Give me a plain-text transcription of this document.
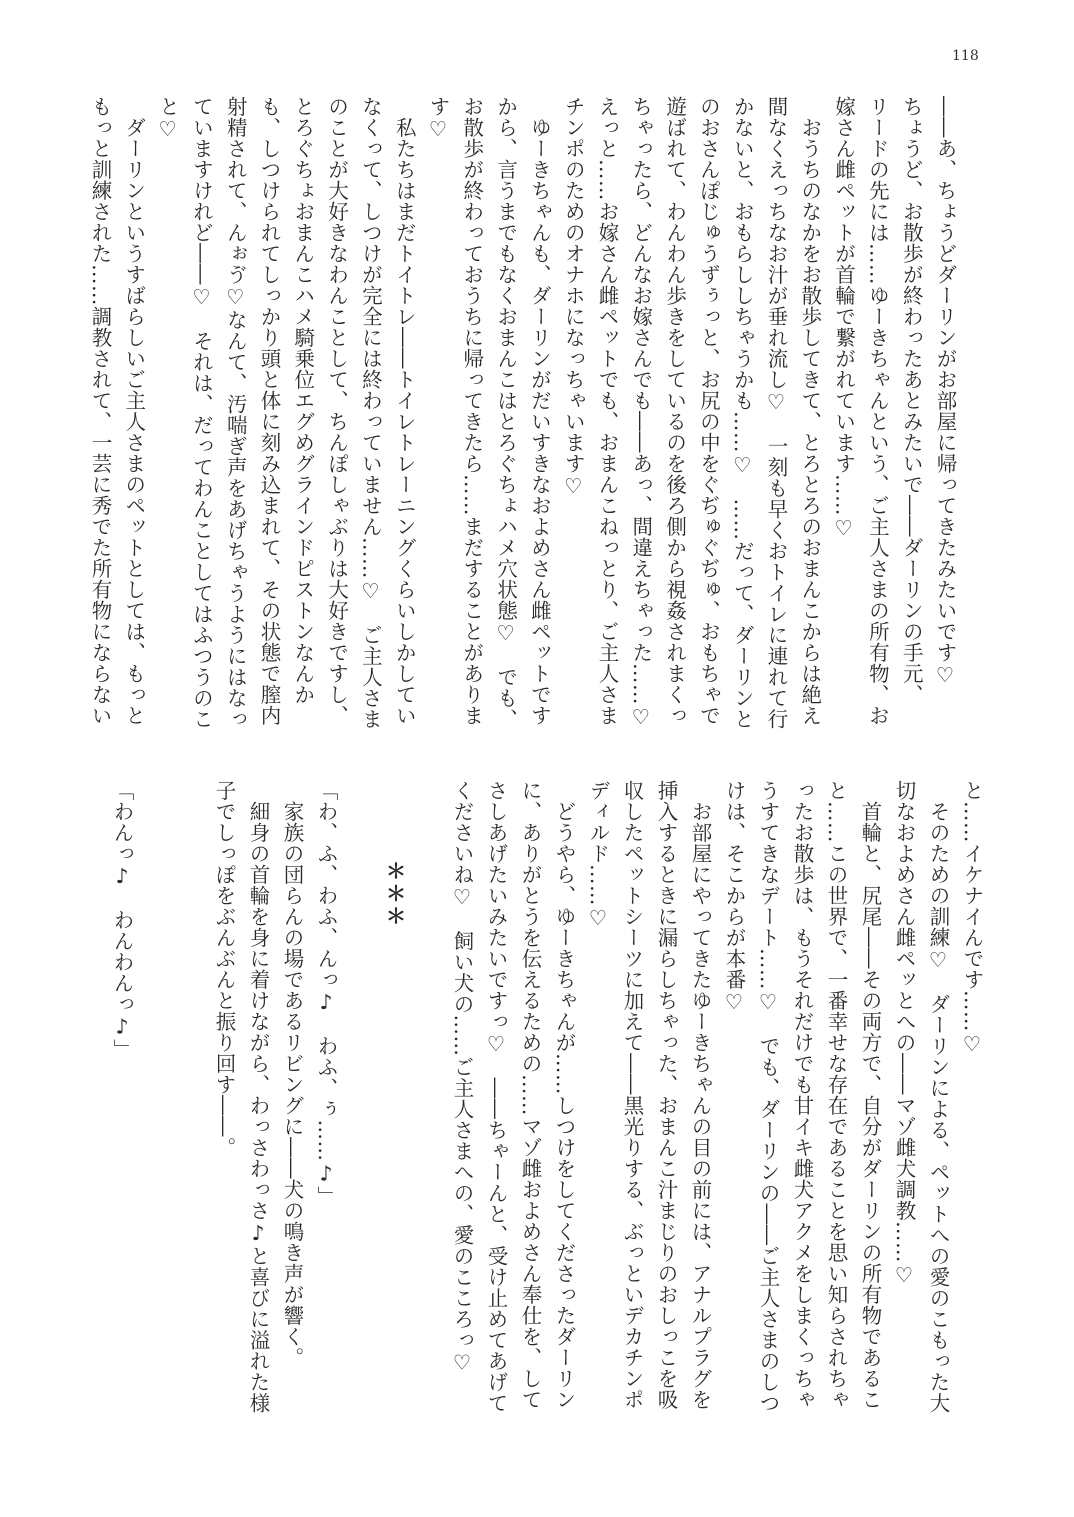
118
――あ、ちょうどダーリンがお部屋に帰ってきたみたいです♡
ちょうど、お散歩が終わったあとみたいで――ダーリンの手元、
リードの先には……ゆーきちゃんという、ご主人さまの所有物、お
嫁さん雌ペットが首輪で繋がれています……♡
　おうちのなかをお散歩してきて、とろとろのおまんこからは絶え
間なくえっちなお汁が垂れ流し♡　一刻も早くおトイレに連れて行
かないと、おもらししちゃうかも……♡　……だって、ダーリンと
のおさんぽじゅうずぅっと、お尻の中をぐぢゅぐぢゅ、おもちゃで
遊ばれて、わんわん歩きをしているのを後ろ側から視姦されまくっ
ちゃったら、どんなお嫁さんでも――あっ、間違えちゃった……♡
えっと……お嫁さん雌ペットでも、おまんこねっとり、ご主人さま
チンポのためのオナホになっちゃいます♡
　ゆーきちゃんも、ダーリンがだいすきなおよめさん雌ペットです
から、言うまでもなくおまんこはとろぐちょハメ穴状態♡　でも、
お散歩が終わっておうちに帰ってきたら……まだすることがありま
す♡
　私たちはまだトイトレ――トイレトレーニングくらいしかしてい
なくって、しつけが完全には終わっていません……♡　ご主人さま
のことが大好きなわんことして、ちんぽしゃぶりは大好きですし、
とろぐちょおまんこハメ騎乗位エグめグラインドピストンなんか
も、しつけられてしっかり頭と体に刻み込まれて、その状態で膣内
射精されて、んぉゔ♡なんて、汚喘ぎ声をあげちゃうようにはなっ
ていますけれど――♡　それは、だってわんことしてはふつうのこ
と♡
　ダーリンというすばらしいご主人さまのペットとしては、もっと
もっと訓練された……調教されて、一芸に秀でた所有物にならない
と……イケナイんです……♡
　そのための訓練♡　ダーリンによる、ペットへの愛のこもった大
切なおよめさん雌ペッとへの――マゾ雌犬調教……♡
　首輪と、尻尾――その両方で、自分がダーリンの所有物であるこ
と……この世界で、一番幸せな存在であることを思い知らされちゃ
ったお散歩は、もうそれだけでも甘イキ雌犬アクメをしまくっちゃ
うすてきなデート……♡　でも、ダーリンの――ご主人さまのしつ
けは、そこからが本番♡
　お部屋にやってきたゆーきちゃんの目の前には、アナルプラグを
挿入するときに漏らしちゃった、おまんこ汁まじりのおしっこを吸
収したペットシーツに加えて――黒光りする、ぶっといデカチンポ
ディルド……♡
　どうやら、ゆーきちゃんが……しつけをしてくださったダーリン
に、ありがとうを伝えるための……マゾ雌およめさん奉仕を、して
さしあげたいみたいですっ♡　――ちゃーんと、受け止めてあげて
くださいね♡　飼い犬の……ご主人さまへの、愛のこころっ♡
＊＊＊
「わ、ふ、わふ、んっ♪　わふ、ぅ……♪」
　家族の団らんの場であるリビングに――犬の鳴き声が響く。
　細身の首輪を身に着けながら、わっさわっさ♪と喜びに溢れた様
子でしっぽをぶんぶんと振り回す――。
「わんっ♪　わんわんっ♪」
